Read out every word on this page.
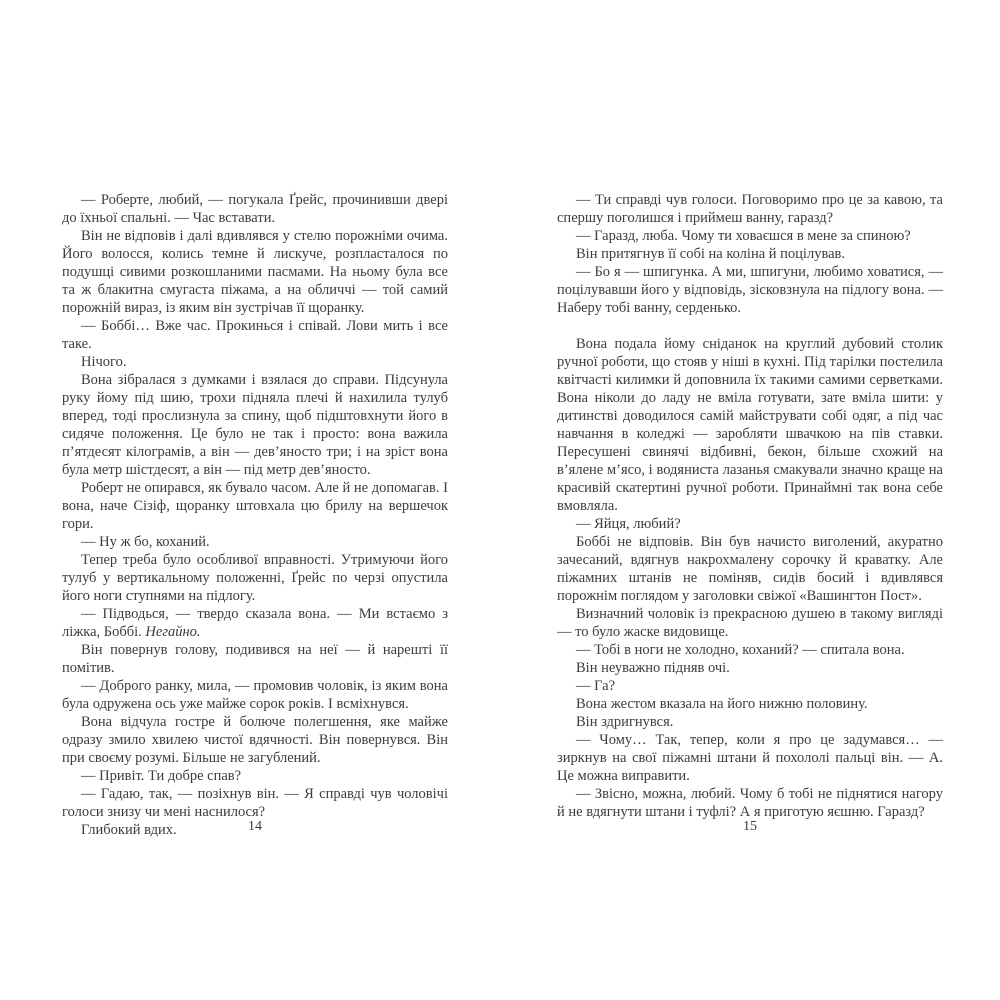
— Роберте, любий, — погукала Ґрейс, прочинивши двері до їхньої спальні. — Час вставати.

Він не відповів і далі вдивлявся у стелю порожніми очима. Його волосся, колись темне й лискуче, розпласталося по подушці сивими розкошланими пасмами. На ньому була все та ж блакитна смугаста піжама, а на обличчі — той самий порожній вираз, із яким він зустрічав її щоранку.

— Боббі… Вже час. Прокинься і співай. Лови мить і все таке.

Нічого.

Вона зібралася з думками і взялася до справи. Підсунула руку йому під шию, трохи підняла плечі й нахилила тулуб вперед, тоді прослизнула за спину, щоб підштовхнути його в сидяче положення. Це було не так і просто: вона важила п’ятдесят кілограмів, а він — дев’яносто три; і на зріст вона була метр шістдесят, а він — під метр дев’яносто.

Роберт не опирався, як бувало часом. Але й не допомагав. І вона, наче Сізіф, щоранку штовхала цю брилу на вершечок гори.

— Ну ж бо, коханий.

Тепер треба було особливої вправності. Утримуючи його тулуб у вертикальному положенні, Ґрейс по черзі опустила його ноги ступнями на підлогу.

— Підводься, — твердо сказала вона. — Ми встаємо з ліжка, Боббі. Негайно.

Він повернув голову, подивився на неї — й нарешті її помітив.

— Доброго ранку, мила, — промовив чоловік, із яким вона була одружена ось уже майже сорок років. І всміхнувся.

Вона відчула гостре й болюче полегшення, яке майже одразу змило хвилею чистої вдячності. Він повернувся. Він при своєму розумі. Більше не загублений.

— Привіт. Ти добре спав?

— Гадаю, так, — позіхнув він. — Я справді чув чоловічі голоси знизу чи мені наснилося?

Глибокий вдих.	14

— Ти справді чув голоси. Поговоримо про це за кавою, та спершу поголишся і приймеш ванну, гаразд?

— Гаразд, люба. Чому ти ховаєшся в мене за спиною?

Він притягнув її собі на коліна й поцілував.

— Бо я — шпигунка. А ми, шпигуни, любимо ховатися, — поцілувавши його у відповідь, зісковзнула на підлогу вона. — Наберу тобі ванну, серденько.

Вона подала йому сніданок на круглий дубовий столик ручної роботи, що стояв у ніші в кухні. Під тарілки постелила квітчасті килимки й доповнила їх такими самими серветками. Вона ніколи до ладу не вміла готувати, зате вміла шити: у дитинстві доводилося самій майструвати собі одяг, а під час навчання в коледжі — заробляти швачкою на пів ставки. Пересушені свинячі відбивні, бекон, більше схожий на в’ялене м’ясо, і водяниста лазанья смакували значно краще на красивій скатертині ручної роботи. Принаймні так вона себе вмовляла.

— Яйця, любий?

Боббі не відповів. Він був начисто виголений, акуратно зачесаний, вдягнув накрохмалену сорочку й краватку. Але піжамних штанів не поміняв, сидів босий і вдивлявся порожнім поглядом у заголовки свіжої «Вашингтон Пост».

Визначний чоловік із прекрасною душею в такому вигляді — то було жаске видовище.

— Тобі в ноги не холодно, коханий? — спитала вона.

Він неуважно підняв очі.

— Га?

Вона жестом вказала на його нижню половину.

Він здригнувся.

— Чому… Так, тепер, коли я про це задумався… — зиркнув на свої піжамні штани й похололі пальці він. — А. Це можна виправити.

— Звісно, можна, любий. Чому б тобі не піднятися нагору й не вдягнути штани і туфлі? А я приготую яєшню. Гаразд?

15
